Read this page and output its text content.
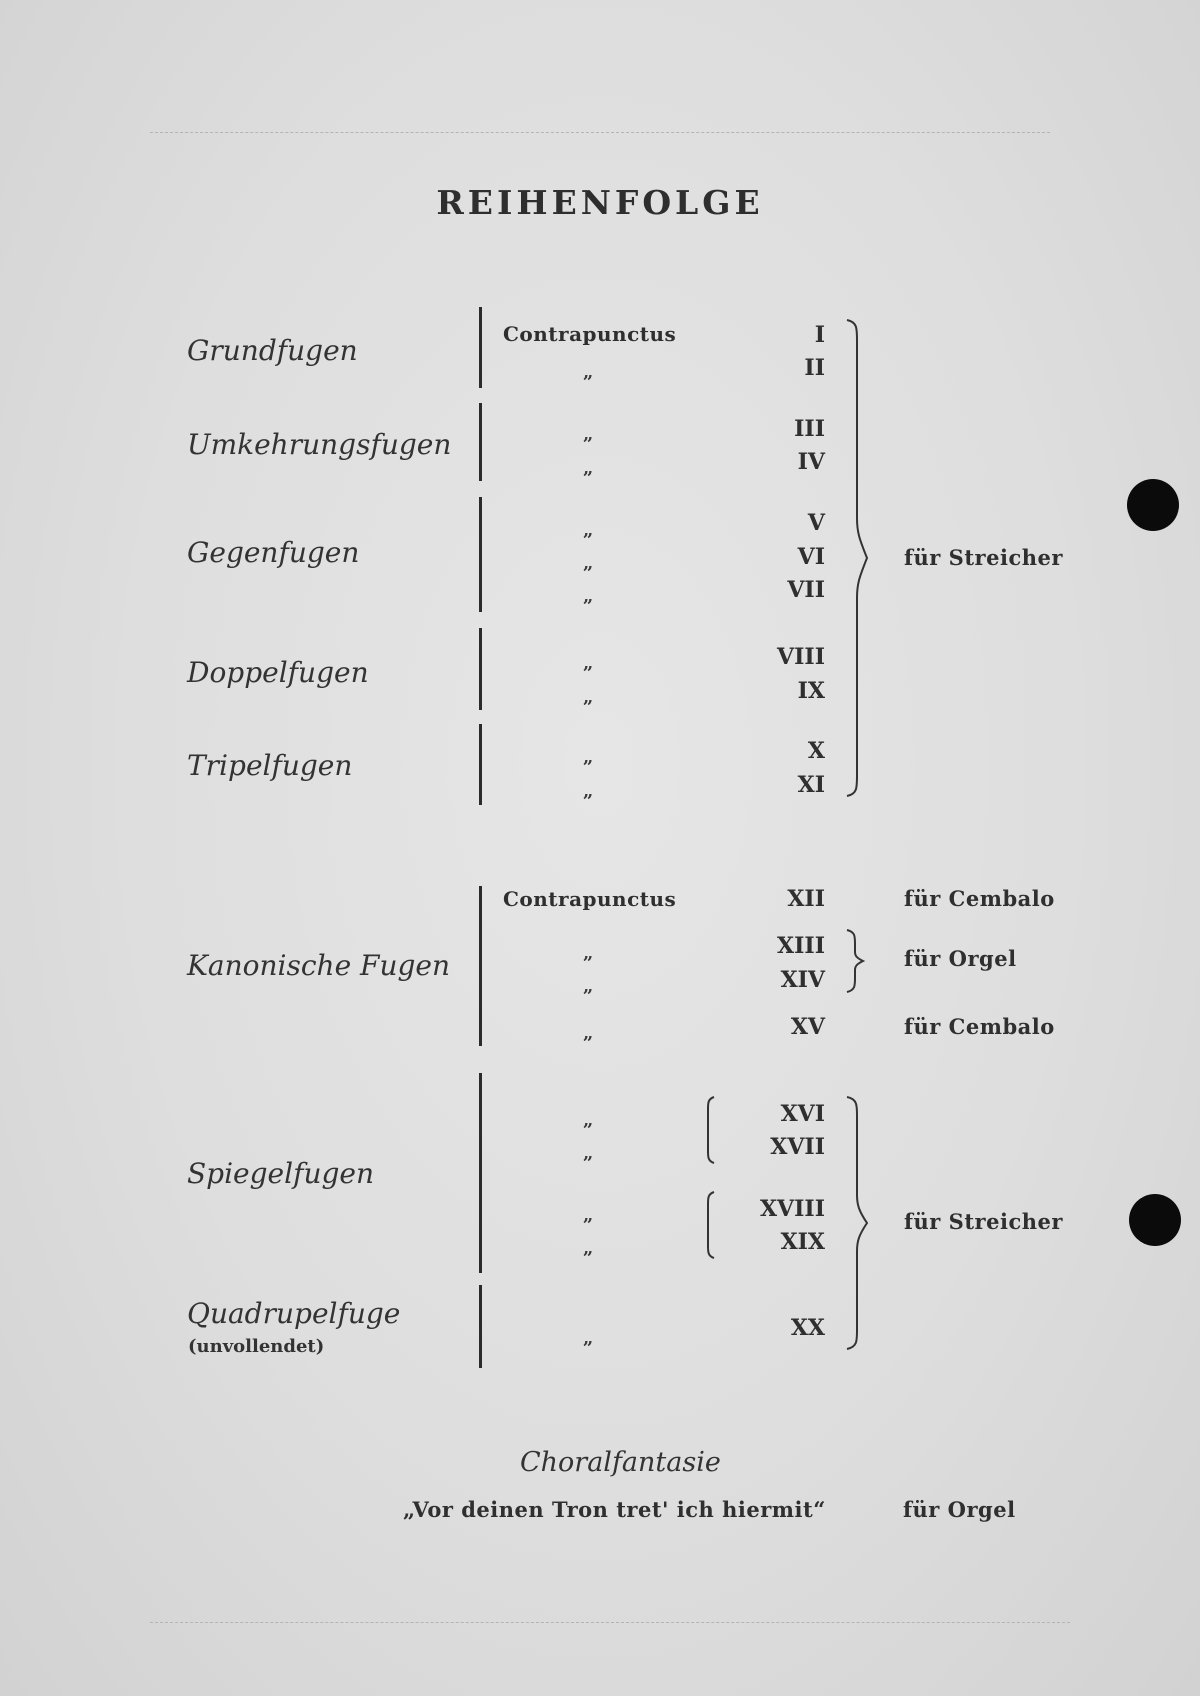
REIHENFOLGE
Grundfugen
Umkehrungsfugen
Gegenfugen
Doppelfugen
Tripelfugen
Kanonische Fugen
Spiegelfugen
Quadrupelfuge
(unvollendet)
Contrapunctus
Contrapunctus
„
„
„
„
„
„
„
„
„
„
„
„
„
„
„
„
„
„
I
II
III
IV
V
VI
VII
VIII
IX
X
XI
XII
XIII
XIV
XV
XVI
XVII
XVIII
XIX
XX
für Streicher
für Cembalo
für Orgel
für Cembalo
für Streicher
Choralfantasie
„Vor deinen Tron tret' ich hiermit“	für Orgel
